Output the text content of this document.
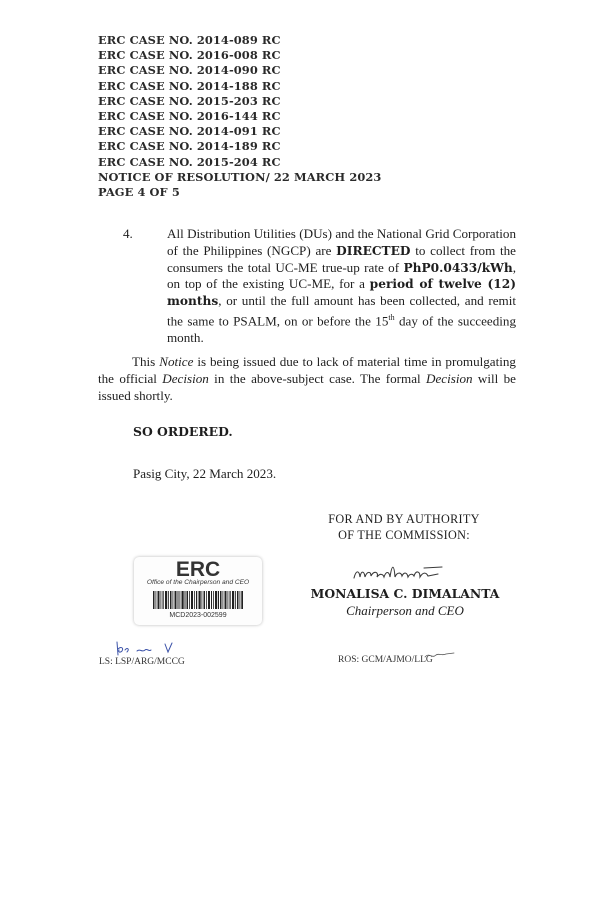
ERC CASE NO. 2014-089 RC
ERC CASE NO. 2016-008 RC
ERC CASE NO. 2014-090 RC
ERC CASE NO. 2014-188 RC
ERC CASE NO. 2015-203 RC
ERC CASE NO. 2016-144 RC
ERC CASE NO. 2014-091 RC
ERC CASE NO. 2014-189 RC
ERC CASE NO. 2015-204 RC
NOTICE OF RESOLUTION/ 22 MARCH 2023
PAGE 4 OF 5
4.	All Distribution Utilities (DUs) and the National Grid Corporation of the Philippines (NGCP) are DIRECTED to collect from the consumers the total UC-ME true-up rate of PhP0.0433/kWh, on top of the existing UC-ME, for a period of twelve (12) months, or until the full amount has been collected, and remit the same to PSALM, on or before the 15th day of the succeeding month.

This Notice is being issued due to lack of material time in promulgating the official Decision in the above-subject case. The formal Decision will be issued shortly.

SO ORDERED.
Pasig City, 22 March 2023.
FOR AND BY AUTHORITY
OF THE COMMISSION:
MONALISA C. DIMALANTA
Chairperson and CEO
ERC
Office of the Chairperson and CEO
MCD2023-002599
LS: LSP/ARG/MCCG	ROS: GCM/AJMO/LLG
